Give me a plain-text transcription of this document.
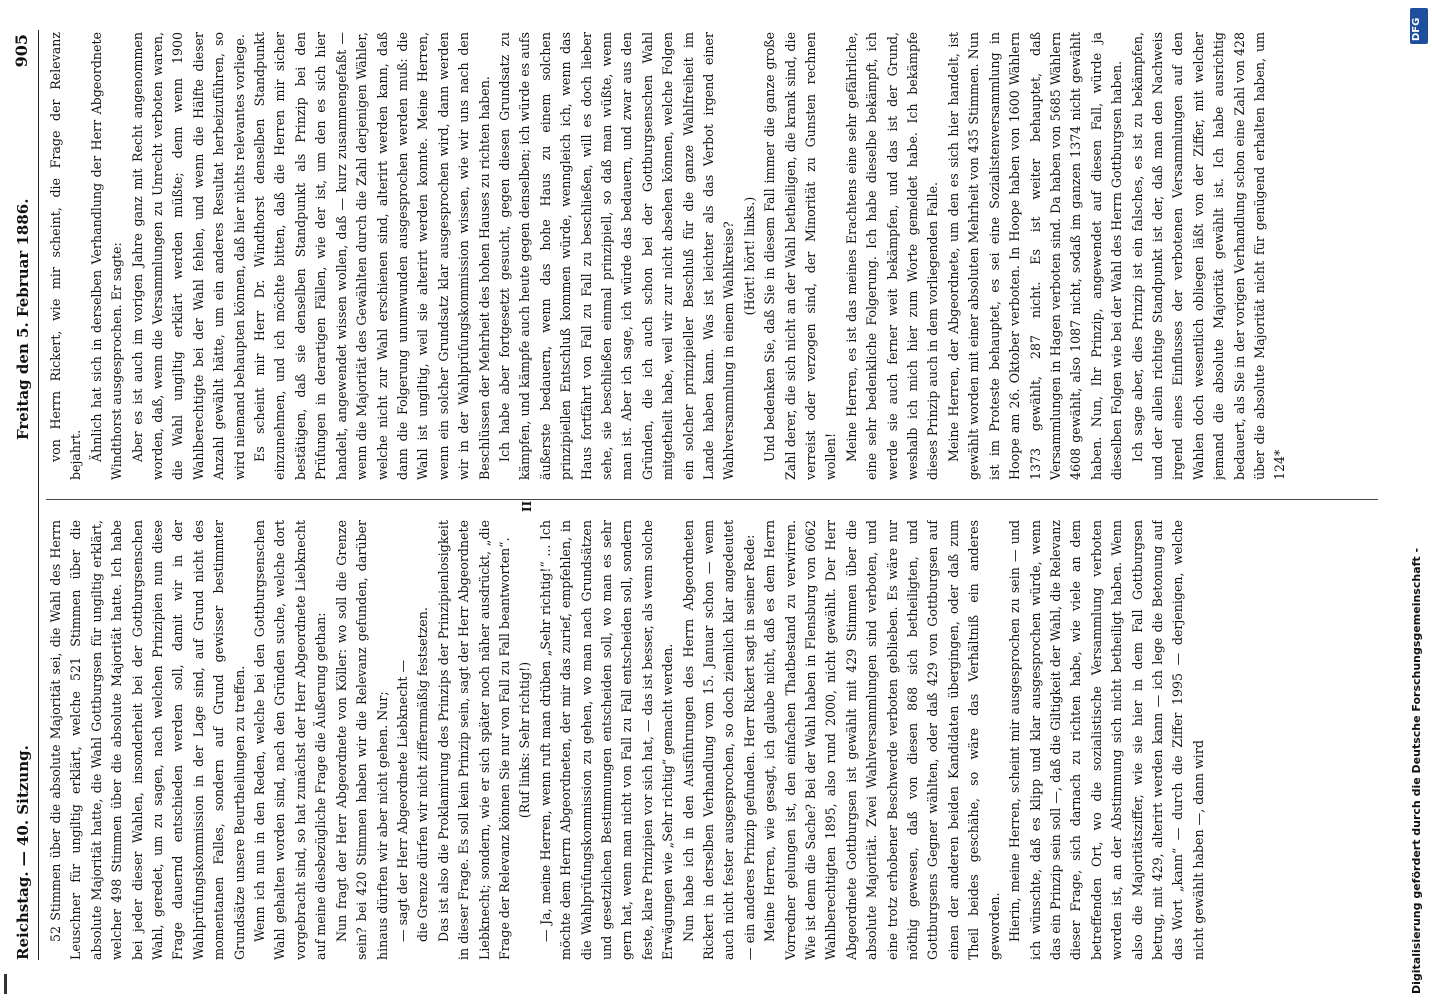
Reichstag. — 40. Sitzung.
Freitag den 5. Februar 1886.
905

52 Stimmen über die absolute Majorität sei, die Wahl des Herrn Leuschner für ungiltig erklärt, welche 521 Stimmen über die absolute Majorität hatte, die Wahl Gottburgsen für ungiltig erklärt, welcher 498 Stimmen über die absolute Majorität hatte. Ich habe bei jeder dieser Wahlen, insonderheit bei der Gottburgsenschen Wahl, geredet, um zu sagen, nach welchen Prinzipien nun diese Frage dauernd entschieden werden soll, damit wir in der Wahlprüfungskommission in der Lage sind, auf Grund nicht des momentanen Falles, sondern auf Grund gewisser bestimmter Grundsätze unsere Beurtheilungen zu treffen. Wenn ich nun in den Reden, welche bei den Gottburgsenschen Wahl gehalten worden sind, nach den Gründen suche, welche dort vorgebracht sind, so hat zunächst der Herr Abgeordnete Liebknecht auf meine diesbezügliche Frage die Äußerung gethan: Nun fragt der Herr Abgeordnete von Köller: wo soll die Grenze sein? bei 420 Stimmen haben wir die Relevanz gefunden, darüber hinaus dürften wir aber nicht gehen. Nur; — sagt der Herr Abgeordnete Liebknecht — die Grenze dürfen wir nicht ziffernmäßig festsetzen. Das ist also die Proklamirung des Prinzips der Prinzipienlosigkeit in dieser Frage. Es soll kein Prinzip sein, sagt der Herr Abgeordnete Liebknecht; sondern, wie er sich später noch näher ausdrückt, „die Frage der Relevanz können Sie nur von Fall zu Fall beantworten“. (Ruf links: Sehr richtig!) — Ja, meine Herren, wenn ruft man drüben „Sehr richtig!“ ... Ich möchte dem Herrn Abgeordneten, der mir das zurief, empfehlen, in die Wahlprüfungskommission zu gehen, wo man nach Grundsätzen und gesetzlichen Bestimmungen entscheiden soll, wo man es sehr gern hat, wenn man nicht von Fall zu Fall entscheiden soll, sondern feste, klare Prinzipien vor sich hat, — das ist besser, als wenn solche Erwägungen wie „Sehr richtig“ gemacht werden. Nun habe ich in den Ausführungen des Herrn Abgeordneten Rickert in derselben Verhandlung vom 15. Januar schon — wenn auch nicht fester ausgesprochen, so doch ziemlich klar angedeutet — ein anderes Prinzip gefunden. Herr Rickert sagt in seiner Rede: Meine Herren, wie gesagt, ich glaube nicht, daß es dem Herrn Vorredner gelungen ist, den einfachen Thatbestand zu verwirren. Wie ist denn die Sache? Bei der Wahl haben in Flensburg von 6062 Wahlberechtigten 1895, also rund 2000, nicht gewählt. Der Herr Abgeordnete Gottburgsen ist gewählt mit 429 Stimmen über die absolute Majorität. Zwei Wahlversammlungen sind verboten, und eine trotz erhobener Beschwerde verboten geblieben. Es wäre nur nöthig gewesen, daß von diesen 868 sich betheiligten, und Gottburgsens Gegner wählten, oder daß 429 von Gottburgsen auf einen der anderen beiden Kandidaten übergingen, oder daß zum Theil beides geschähe, so wäre das Verhältniß ein anderes geworden. Hierin, meine Herren, scheint mir ausgesprochen zu sein — und ich wünschte, daß es klipp und klar ausgesprochen würde, wenn das ein Prinzip sein soll —, daß die Giltigkeit der Wahl, die Relevanz dieser Frage, sich darnach zu richten habe, wie viele an dem betreffenden Ort, wo die sozialistische Versammlung verboten worden ist, an der Abstimmung sich nicht betheiligt haben. Wenn also die Majoritätsziffer, wie sie hier in dem Fall Gottburgsen betrug, mit 429, alterirt werden kann — ich lege die Betonung auf das Wort „kann“ — durch die Ziffer 1995 — derjenigen, welche nicht gewählt haben —, dann wird

II

von Herrn Rickert, wie mir scheint, die Frage der Relevanz bejahrt. Ähnlich hat sich in derselben Verhandlung der Herr Abgeordnete Windthorst ausgesprochen. Er sagte: Aber es ist auch im vorigen Jahre ganz mit Recht angenommen worden, daß, wenn die Versammlungen zu Unrecht verboten waren, die Wahl ungiltig erklärt werden müßte; denn wenn 1900 Wahlberechtigte bei der Wahl fehlen, und wenn die Hälfte dieser Anzahl gewählt hätte, um ein anderes Resultat herbeizuführen, so wird niemand behaupten können, daß hier nichts relevantes vorliege. Es scheint mir Herr Dr. Windthorst denselben Standpunkt einzunehmen, und ich möchte bitten, daß die Herren mir sicher bestätigen, daß sie denselben Standpunkt als Prinzip bei den Prüfungen in derartigen Fällen, wie der ist, um den es sich hier handelt, angewendet wissen wollen, daß — kurz zusammengefaßt — wenn die Majorität des Gewählten durch die Zahl derjenigen Wähler, welche nicht zur Wahl erschienen sind, alterirt werden kann, daß dann die Folgerung unumwunden ausgesprochen werden muß: die Wahl ist ungiltig, weil sie alterirt werden konnte. Meine Herren, wenn ein solcher Grundsatz klar ausgesprochen wird, dann werden wir in der Wahlprüfungskommission wissen, wie wir uns nach den Beschlüssen der Mehrheit des hohen Hauses zu richten haben. Ich habe aber fortgesetzt gesucht, gegen diesen Grundsatz zu kämpfen, und kämpfe auch heute gegen denselben; ich würde es aufs äußerste bedauern, wenn das hohe Haus zu einem solchen prinzipiellen Entschluß kommen würde, wenngleich ich, wenn das Haus fortfährt von Fall zu Fall zu beschließen, will es doch lieber sehe, sie beschließen einmal prinzipiell, so daß man wüßte, wenn man ist. Aber ich sage, ich würde das bedauern, und zwar aus den Gründen, die ich auch schon bei der Gottburgsenschen Wahl mitgetheilt habe, weil wir zur nicht absehen können, welche Folgen ein solcher prinzipieller Beschluß für die ganze Wahlfreiheit im Lande haben kann. Was ist leichter als das Verbot irgend einer Wahlversammlung in einem Wahlkreise? (Hört! hört! links.) Und bedenken Sie, daß Sie in diesem Fall immer die ganze große Zahl derer, die sich nicht an der Wahl betheiligen, die krank sind, die verreist oder verzogen sind, der Minorität zu Gunsten rechnen wollen! Meine Herren, es ist das meines Erachtens eine sehr gefährliche, eine sehr bedenkliche Folgerung. Ich habe dieselbe bekämpft, ich werde sie auch ferner weit bekämpfen, und das ist der Grund, weshalb ich mich hier zum Worte gemeldet habe. Ich bekämpfe dieses Prinzip auch in dem vorliegenden Falle. Meine Herren, der Abgeordnete, um den es sich hier handelt, ist gewählt worden mit einer absoluten Mehrheit von 435 Stimmen. Nun ist im Proteste behauptet, es sei eine Sozialistenversammlung in Hoope am 26. Oktober verboten. In Hoope haben von 1600 Wählern 1373 gewählt, 287 nicht. Es ist weiter behauptet, daß Versammlungen in Hagen verboten sind. Da haben von 5685 Wählern 4608 gewählt, also 1087 nicht, sodaß im ganzen 1374 nicht gewählt haben. Nun, Ihr Prinzip, angewendet auf diesen Fall, würde ja dieselben Folgen wie bei der Wahl des Herrn Gottburgsen haben. Ich sage aber, dies Prinzip ist ein falsches, es ist zu bekämpfen, und der allein richtige Standpunkt ist der, daß man den Nachweis irgend eines Einflusses der verbotenen Versammlungen auf den Wahlen doch wesentlich obliegen läßt von der Ziffer, mit welcher jemand die absolute Majorität gewählt ist. Ich habe ausrichtig bedauert, als Sie in der vorigen Verhandlung schon eine Zahl von 428 über die absolute Majorität nicht für genügend erhalten haben, um 124*

DFG
Digitalisierung gefördert durch die Deutsche Forschungsgemeinschaft -
